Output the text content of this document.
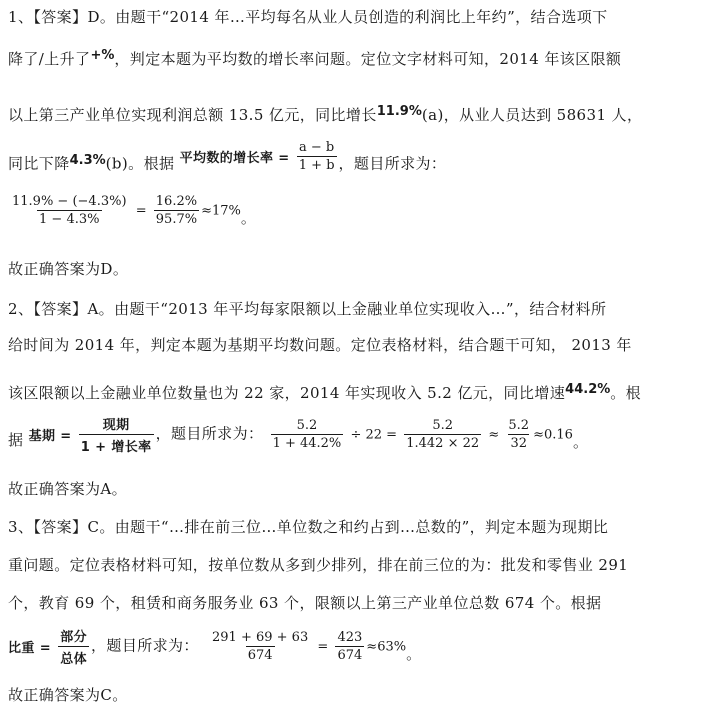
1、【答案】D。由题干“2014 年…平均每名从业人员创造的利润比上年约”，结合选项下
降了/上升了+%，判定本题为平均数的增长率问题。定位文字材料可知，2014 年该区限额
以上第三产业单位实现利润总额 13.5 亿元，同比增长11.9%(a)，从业人员达到 58631 人，
同比下降4.3%(b)。根据 平均数的增长率 = $\frac{a - b}{1 + b}$ ，题目所求为：
$\frac{11.9\% - (-4.3\%)}{1 - 4.3\%} = \frac{16.2\%}{95.7\%} \approx 17\%$。
故正确答案为D。
2、【答案】A。由题干“2013 年平均每家限额以上金融业单位实现收入…”，结合材料所
给时间为 2014 年，判定本题为基期平均数问题。定位表格材料，结合题干可知， 2013 年
该区限额以上金融业单位数量也为 22 家，2014 年实现收入 5.2 亿元，同比增速44.2%。根
据 基期 = $\frac{\text{现期}}{\text{1 + 增长率}}$ ，题目所求为： $\frac{5.2}{1 + 44.2\%} \div 22 = \frac{5.2}{1.442 \times 22} \approx \frac{5.2}{32} \approx 0.16$。
故正确答案为A。
3、【答案】C。由题干“…排在前三位…单位数之和约占到…总数的”，判定本题为现期比
重问题。定位表格材料可知，按单位数从多到少排列，排在前三位的为：批发和零售业 291
个，教育 69 个，租赁和商务服务业 63 个，限额以上第三产业单位总数 674 个。根据
比重 = $\frac{\text{部分}}{\text{总体}}$ ，题目所求为： $\frac{291 + 69 + 63}{674} = \frac{423}{674} \approx 63\%$。
故正确答案为C。
